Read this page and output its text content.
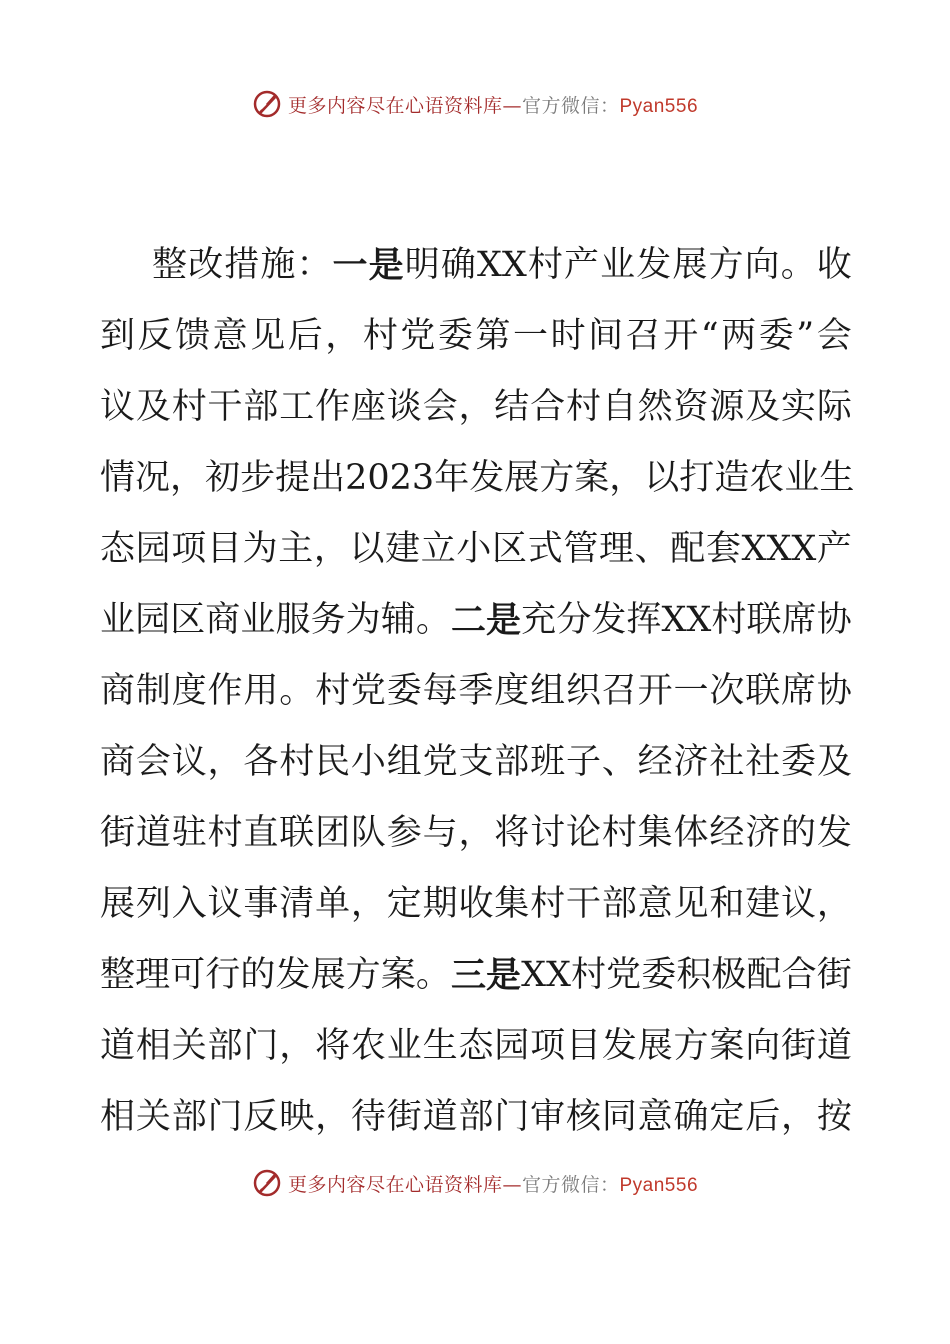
更多内容尽在心语资料库—官方微信：Pyan556
整 改 措 施 ： 一 是 明 确 XX 村 产 业 发 展 方 向 。 收
到 反 馈 意 见 后 ， 村 党 委 第 一 时 间 召 开 “ 两 委 ” 会
议 及 村 干 部 工 作 座 谈 会 ， 结 合 村 自 然 资 源 及 实 际
情 况 ， 初 步 提 出 2023 年 发 展 方 案 ， 以 打 造 农 业 生
态 园 项 目 为 主 ， 以 建 立 小 区 式 管 理 、 配 套 XXX 产
业 园 区 商 业 服 务 为 辅 。 二 是 充 分 发 挥 XX 村 联 席 协
商 制 度 作 用 。 村 党 委 每 季 度 组 织 召 开 一 次 联 席 协
商 会 议 ， 各 村 民 小 组 党 支 部 班 子 、 经 济 社 社 委 及
街 道 驻 村 直 联 团 队 参 与 ， 将 讨 论 村 集 体 经 济 的 发
展 列 入 议 事 清 单 ， 定 期 收 集 村 干 部 意 见 和 建 议 ，
整 理 可 行 的 发 展 方 案 。 三 是 XX 村 党 委 积 极 配 合 街
道 相 关 部 门 ， 将 农 业 生 态 园 项 目 发 展 方 案 向 街 道
相 关 部 门 反 映 ， 待 街 道 部 门 审 核 同 意 确 定 后 ， 按
更多内容尽在心语资料库—官方微信：Pyan556
